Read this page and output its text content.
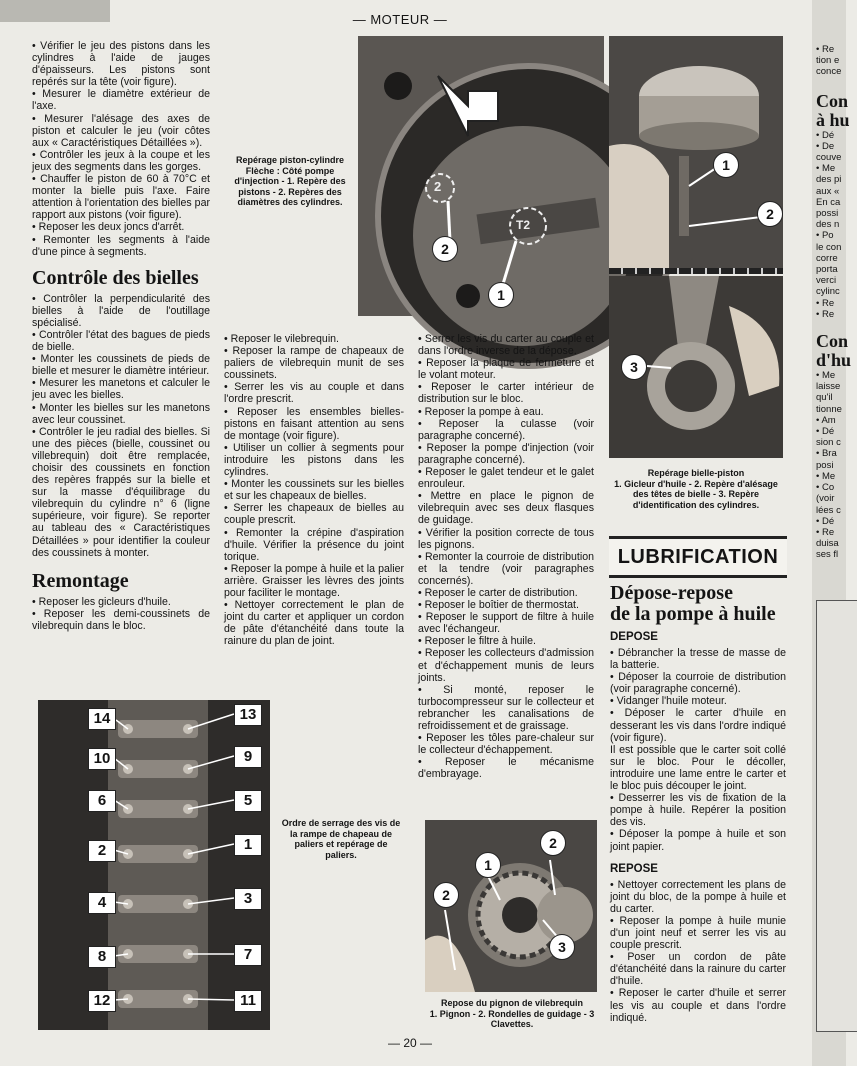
— MOTEUR —

• Vérifier le jeu des pistons dans les cylindres à l'aide de jauges d'épaisseurs. Les pistons sont repérés sur la tête (voir figure).

• Mesurer le diamètre extérieur de l'axe.

• Mesurer l'alésage des axes de piston et calculer le jeu (voir côtes aux « Caractéristiques Détaillées »).

• Contrôler les jeux à la coupe et les jeux des segments dans les gorges.

• Chauffer le piston de 60 à 70°C et monter la bielle puis l'axe. Faire attention à l'orientation des bielles par rapport aux pistons (voir figure).

• Reposer les deux joncs d'arrêt.

• Remonter les segments à l'aide d'une pince à segments.

Contrôle des bielles

• Contrôler la perpendicularité des bielles à l'aide de l'outillage spécialisé.

• Contrôler l'état des bagues de pieds de bielle.

• Monter les coussinets de pieds de bielle et mesurer le diamètre intérieur.

• Mesurer les manetons et calculer le jeu avec les bielles.

• Monter les bielles sur les manetons avec leur coussinet.

• Contrôler le jeu radial des bielles. Si une des pièces (bielle, coussinet ou villebrequin) doit être remplacée, choisir des coussinets en fonction des repères frappés sur la bielle et sur la masse d'équilibrage du vilebrequin du cylindre n° 6 (ligne supérieure, voir figure). Se reporter au tableau des « Caractéristiques Détaillées » pour identifier la couleur des coussinets à monter.

Remontage

• Reposer les gicleurs d'huile.

• Reposer les demi-coussinets de vilebrequin dans le bloc.

Repérage piston-cylindre
Flèche : Côté pompe d'injection - 1. Repère des pistons - 2. Repères des diamètres des cylindres.
2
T2
2
1
1
2
3
Repérage bielle-piston
1. Gicleur d'huile - 2. Repère d'alésage des têtes de bielle - 3. Repère d'identification des cylindres.

• Reposer le vilebrequin.

• Reposer la rampe de chapeaux de paliers de vilebrequin munit de ses coussinets.

• Serrer les vis au couple et dans l'ordre prescrit.

• Reposer les ensembles bielles-pistons en faisant attention au sens de montage (voir figure).

• Utiliser un collier à segments pour introduire les pistons dans les cylindres.

• Monter les coussinets sur les bielles et sur les chapeaux de bielles.

• Serrer les chapeaux de bielles au couple prescrit.

• Remonter la crépine d'aspiration d'huile. Vérifier la présence du joint torique.

• Reposer la pompe à huile et la palier arrière. Graisser les lèvres des joints pour faciliter le montage.

• Nettoyer correctement le plan de joint du carter et appliquer un cordon de pâte d'étanchéité dans toute la rainure du plan de joint.

• Serrer les vis du carter au couple et dans l'ordre inverse de la dépose.

• Reposer la plaque de fermeture et le volant moteur.

• Reposer le carter intérieur de distribution sur le bloc.

• Reposer la pompe à eau.

• Reposer la culasse (voir paragraphe concerné).

• Reposer la pompe d'injection (voir paragraphe concerné).

• Reposer le galet tendeur et le galet enrouleur.

• Mettre en place le pignon de vilebrequin avec ses deux flasques de guidage.

• Vérifier la position correcte de tous les pignons.

• Remonter la courroie de distribution et la tendre (voir paragraphes concernés).

• Reposer le carter de distribution.

• Reposer le boîtier de thermostat.

• Reposer le support de filtre à huile avec l'échangeur.

• Reposer le filtre à huile.

• Reposer les collecteurs d'admission et d'échappement munis de leurs joints.

• Si monté, reposer le turbocompresseur sur le collecteur et rebrancher les canalisations de refroidissement et de graissage.

• Reposer les tôles pare-chaleur sur le collecteur d'échappement.

• Reposer le mécanisme d'embrayage.

14	13
10	9
6	5
2	1
4	3
8	7
12	11
Ordre de serrage des vis de la rampe de chapeau de paliers et repérage de paliers.
1
2
2
3
Repose du pignon de vilebrequin
1. Pignon - 2. Rondelles de guidage - 3 Clavettes.
LUBRIFICATION
Dépose-repose
de la pompe à huile
DEPOSE

• Débrancher la tresse de masse de la batterie.

• Déposer la courroie de distribution (voir paragraphe concerné).

• Vidanger l'huile moteur.

• Déposer le carter d'huile en desserant les vis dans l'ordre indiqué (voir figure).

Il est possible que le carter soit collé sur le bloc. Pour le décoller, introduire une lame entre le carter et le bloc puis découper le joint.

• Desserrer les vis de fixation de la pompe à huile. Repérer la position des vis.

• Déposer la pompe à huile et son joint papier.

REPOSE

• Nettoyer correctement les plans de joint du bloc, de la pompe à huile et du carter.

• Reposer la pompe à huile munie d'un joint neuf et serrer les vis au couple prescrit.

• Poser un cordon de pâte d'étanchéité dans la rainure du carter d'huile.

• Reposer le carter d'huile et serrer les vis au couple et dans l'ordre indiqué.

• Re

tion e

conce

Con
à hu

• Dé

• De

couve

• Me

des pi

aux «

En ca

possi

des n

• Po

le con

corre

porta

verci

cylinc

• Re

• Re

Con
d'hu

• Me

laisse

qu'il

tionne

• Am

• Dé

sion c

• Bra

posi

• Me

• Co

(voir

lées c

• Dé

• Re

duisa

ses fl

— 20 —
